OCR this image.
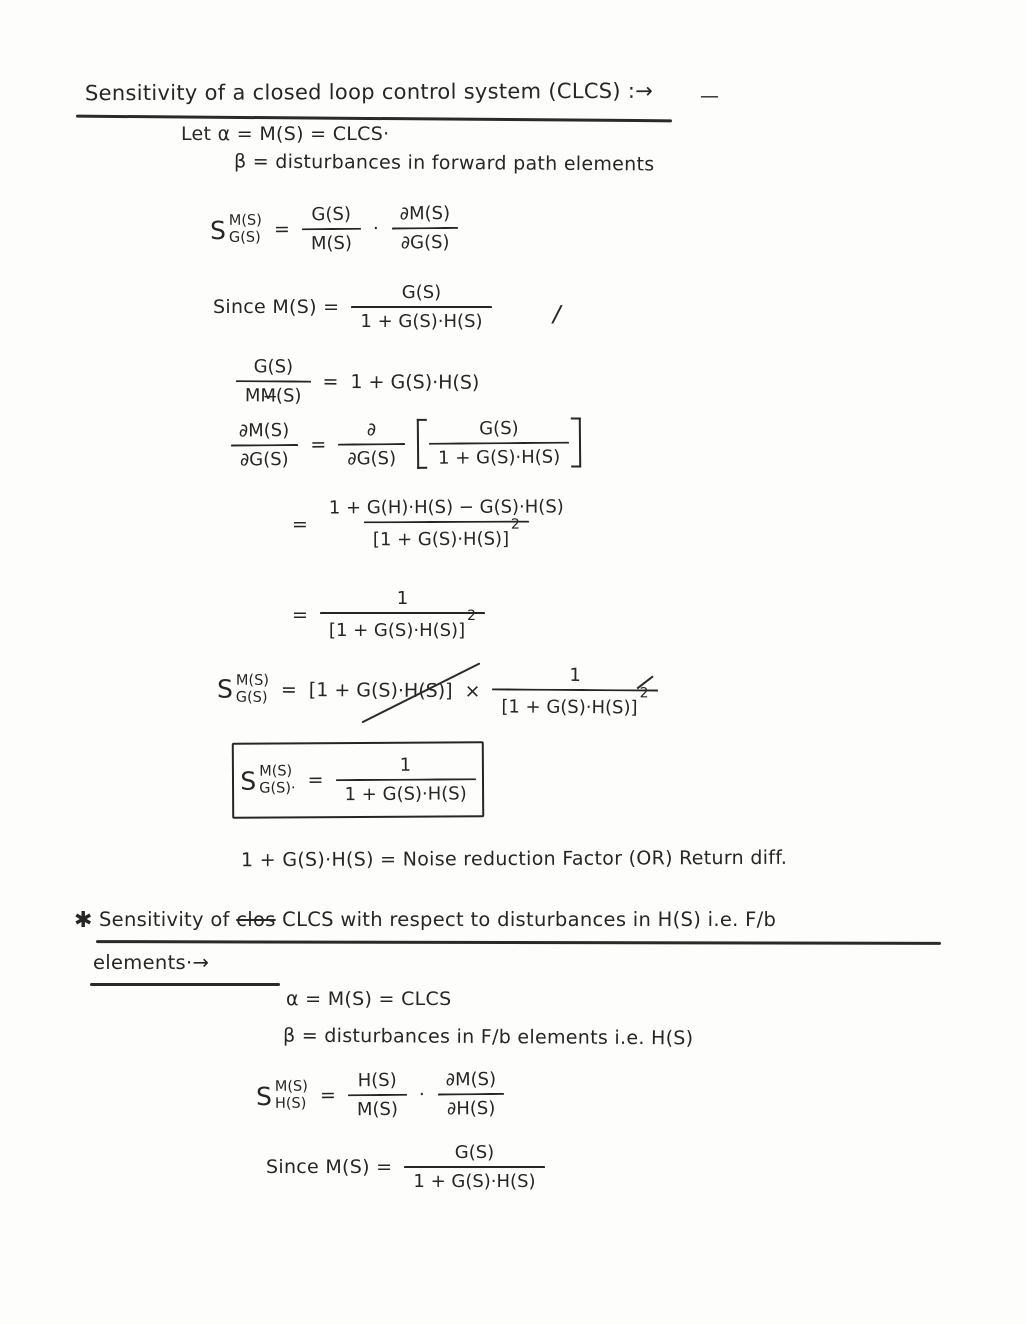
Sensitivity of a closed loop control system (CLCS) :→ —
Let α = M(S) = CLCS·
β = disturbances in forward path elements
S M(S)
$G(S) = \frac{G(S)}{M(S)} \cdot \frac{\partial M(S)}{\partial G(S)}$
Since $M(S) = \frac{G(S)}{1 + G(S)\cdot H(S)}$ /
$\frac{G(S)}{MM̶(S)} = 1 + G(S)\cdot H(S)$
$\frac{\partial M(S)}{\partial G(S)} = \frac{\partial}{\partial G(S)} \frac{G(S)}{1 + G(S)\cdot H(S)}$
= $\frac{1 + G(H)\cdot H(S) - G(S)\cdot H(S)}{[1 + G(S)\cdot H(S)]^2}$
= $\frac{1}{[1 + G(S)\cdot H(S)]^2}$
S M(S)
$G(S) = [1 + G(S)\cdot H(S)] \times \frac{1}{[1 + G(S)\cdot H(S)]^2}$
S M(S)
$G(S)\cdot = \frac{1}{1 + G(S)\cdot H(S)}$
1 + G(S)·H(S) = Noise reduction Factor (OR) Return diff.
✱ Sensitivity of clos CLCS with respect to disturbances in H(S) i.e. F/b
elements·→
α = M(S) = CLCS
β = disturbances in F/b elements i.e. H(S)
S M(S)
$H(S) = \frac{H(S)}{M(S)} \cdot \frac{\partial M(S)}{\partial H(S)}$
Since $M(S) = \frac{G(S)}{1 + G(S)\cdot H(S)}$
